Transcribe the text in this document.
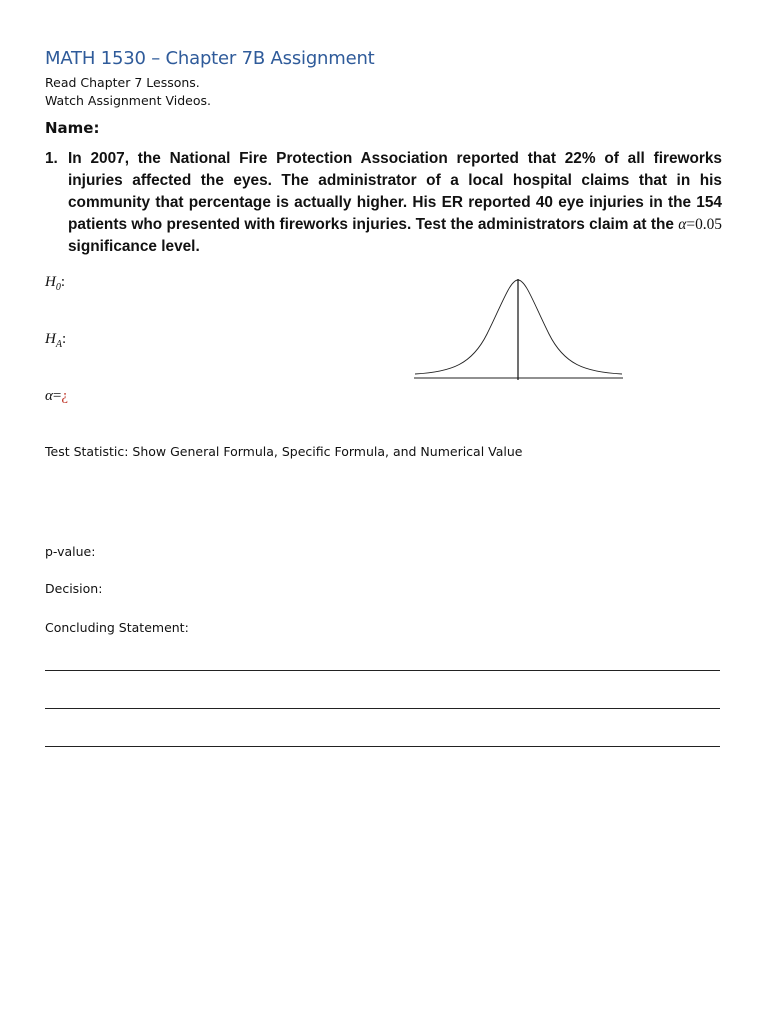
MATH 1530 – Chapter 7B Assignment
Read Chapter 7 Lessons.
Watch Assignment Videos.
Name:
1. In 2007, the National Fire Protection Association reported that 22% of all fireworks injuries affected the eyes. The administrator of a local hospital claims that in his community that percentage is actually higher. His ER reported 40 eye injuries in the 154 patients who presented with fireworks injuries. Test the administrators claim at the α=0.05 significance level.
$H_0$:
$H_A$:
α=¿
Test Statistic: Show General Formula, Specific Formula, and Numerical Value
p-value:
Decision:
Concluding Statement:
